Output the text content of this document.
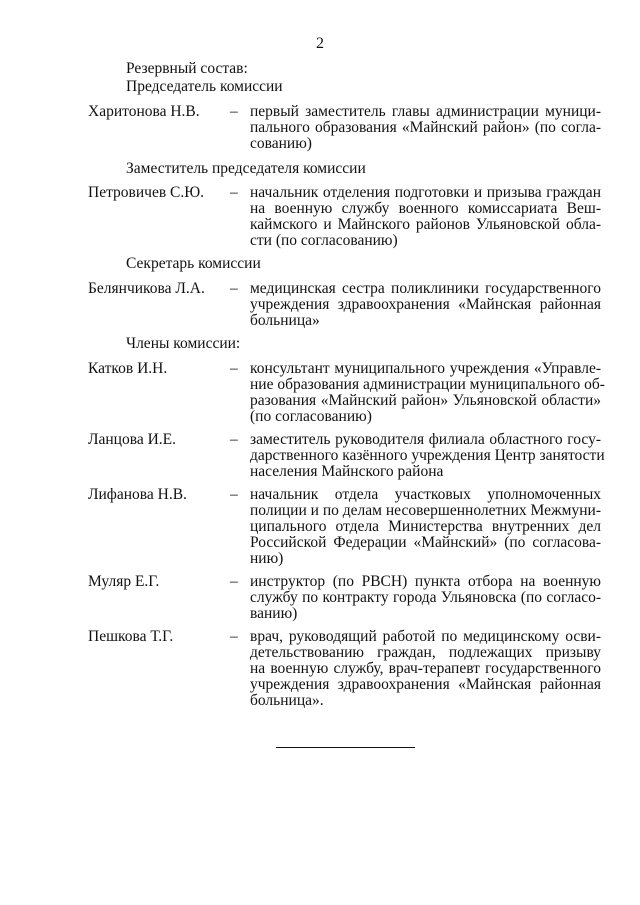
2
Резервный состав:
Председатель комиссии
Харитонова Н.В.	– первый заместитель главы администрации муници-
пального образования «Майнский район» (по согла-
сованию)
Заместитель председателя комиссии
Петровичев С.Ю.	– начальник отделения подготовки и призыва граждан
на военную службу военного комиссариата Веш-
каймского и Майнского районов Ульяновской обла-
сти (по согласованию)
Секретарь комиссии
Белянчикова Л.А.	– медицинская сестра поликлиники государственного
учреждения здравоохранения «Майнская районная
больница»
Члены комиссии:
Катков И.Н.	– консультант муниципального учреждения «Управле-
ние образования администрации муниципального об-
разования «Майнский район» Ульяновской области»
(по согласованию)
Ланцова И.Е.	– заместитель руководителя филиала областного госу-
дарственного казённого учреждения Центр занятости
населения Майнского района
Лифанова Н.В.	– начальник отдела участковых уполномоченных
полиции и по делам несовершеннолетних Межмуни-
ципального отдела Министерства внутренних дел
Российской Федерации «Майнский» (по согласова-
нию)
Муляр Е.Г.	– инструктор (по РВСН) пункта отбора на военную
службу по контракту города Ульяновска (по согласо-
ванию)
Пешкова Т.Г.	– врач, руководящий работой по медицинскому осви-
детельствованию граждан, подлежащих призыву
на военную службу, врач-терапевт государственного
учреждения здравоохранения «Майнская районная
больница».
